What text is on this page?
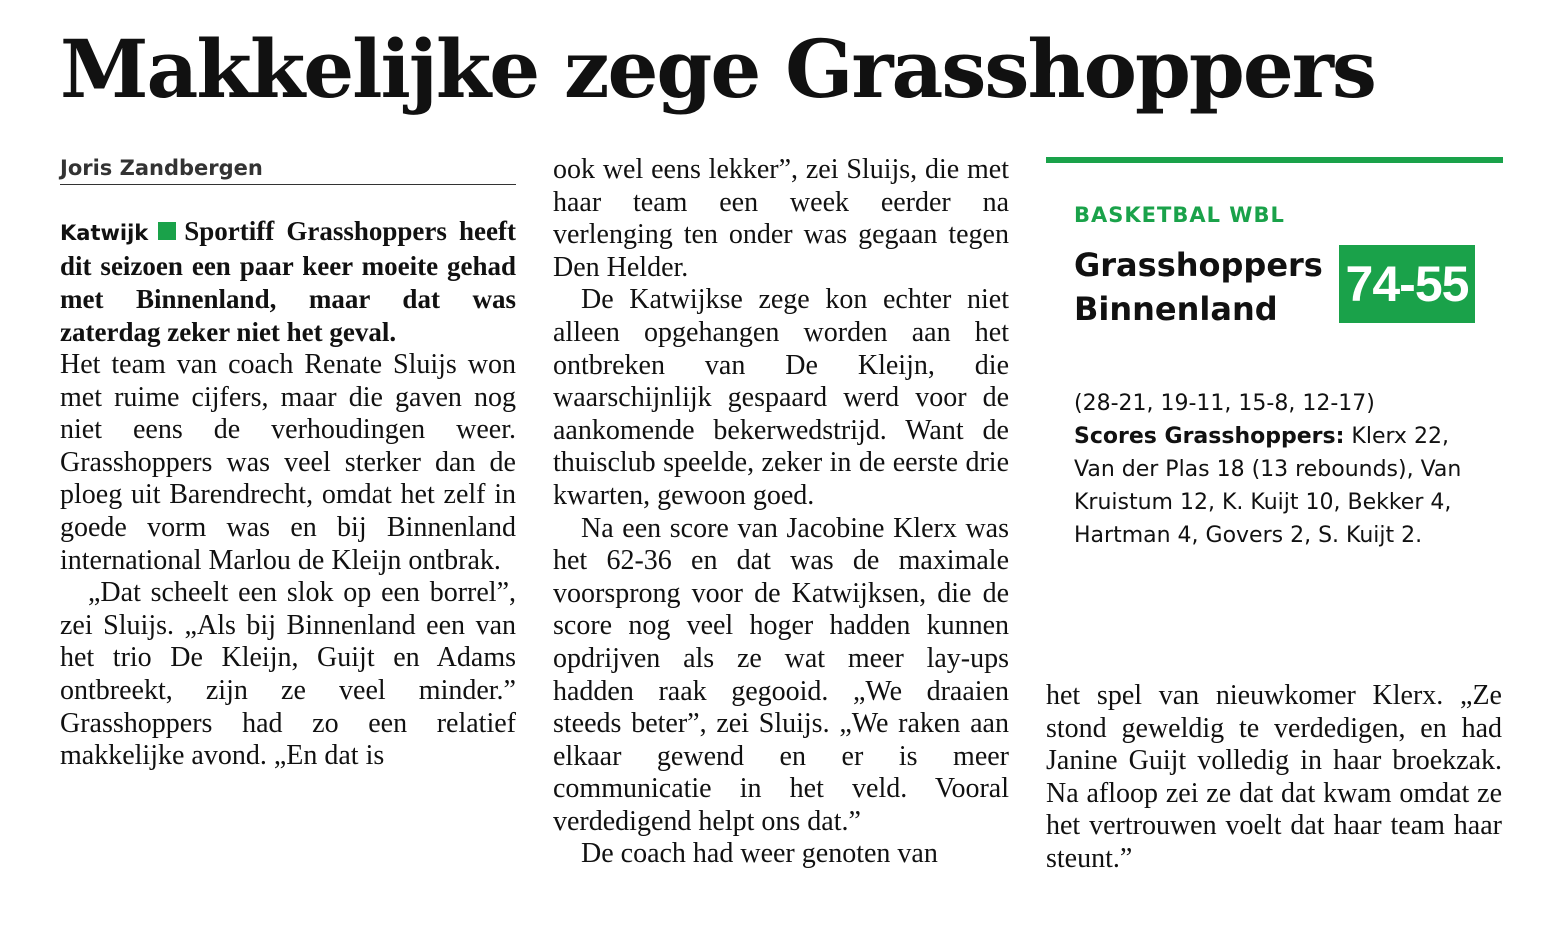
Makkelijke zege Grasshoppers
Joris Zandbergen

Katwijk Sportiff Grasshoppers heeft dit seizoen een paar keer moeite gehad met Binnenland, maar dat was zaterdag zeker niet het geval.

Het team van coach Renate Sluijs won met ruime cijfers, maar die gaven nog niet eens de verhoudingen weer. Grasshoppers was veel sterker dan de ploeg uit Barendrecht, omdat het zelf in goede vorm was en bij Binnenland international Marlou de Kleijn ontbrak.

„Dat scheelt een slok op een borrel”, zei Sluijs. „Als bij Binnenland een van het trio De Kleijn, Guijt en Adams ontbreekt, zijn ze veel minder.” Grasshoppers had zo een relatief makkelijke avond. „En dat is

ook wel eens lekker”, zei Sluijs, die met haar team een week eerder na verlenging ten onder was gegaan tegen Den Helder.

De Katwijkse zege kon echter niet alleen opgehangen worden aan het ontbreken van De Kleijn, die waarschijnlijk gespaard werd voor de aankomende bekerwedstrijd. Want de thuisclub speelde, zeker in de eerste drie kwarten, gewoon goed.

Na een score van Jacobine Klerx was het 62-36 en dat was de maximale voorsprong voor de Katwijksen, die de score nog veel hoger hadden kunnen opdrijven als ze wat meer lay-ups hadden raak gegooid. „We draaien steeds beter”, zei Sluijs. „We raken aan elkaar gewend en er is meer communicatie in het veld. Vooral verdedigend helpt ons dat.”

De coach had weer genoten van

BASKETBAL WBL
Grasshoppers
Binnenland	74-55
(28-21, 19-11, 15-8, 12-17)
Scores Grasshoppers: Klerx 22, Van der Plas 18 (13 rebounds), Van Kruistum 12, K. Kuijt 10, Bekker 4, Hartman 4, Govers 2, S. Kuijt 2.

het spel van nieuwkomer Klerx. „Ze stond geweldig te verdedigen, en had Janine Guijt volledig in haar broekzak. Na afloop zei ze dat dat kwam omdat ze het vertrouwen voelt dat haar team haar steunt.”
